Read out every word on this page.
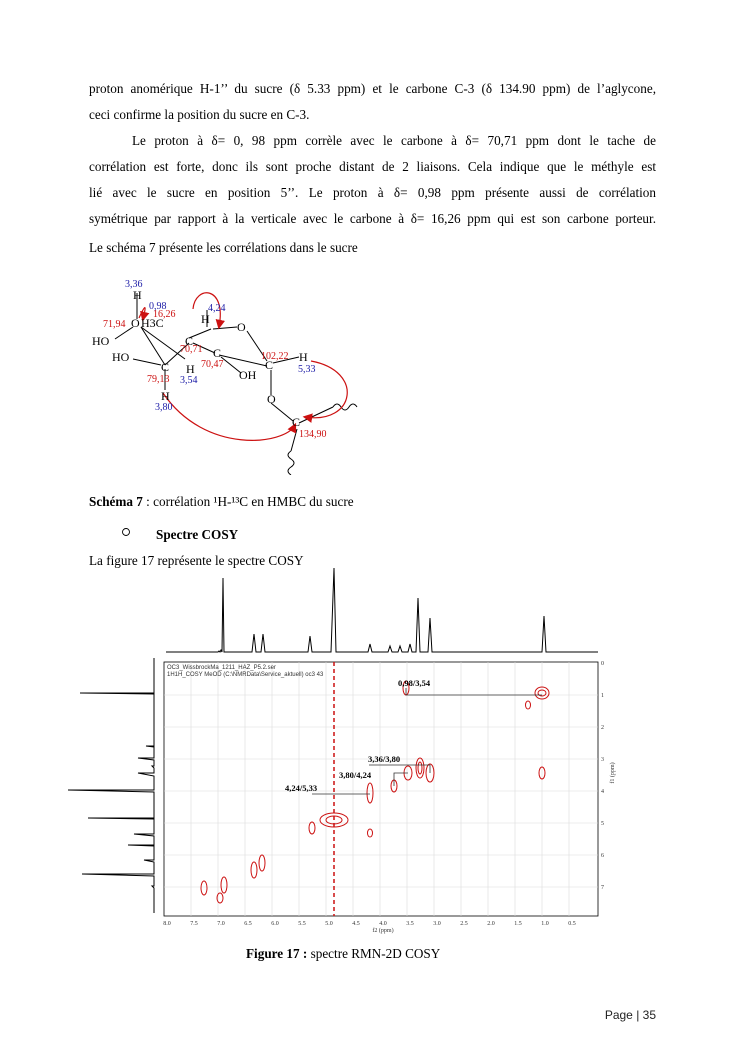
proton anomérique H-1’’ du sucre (δ 5.33 ppm) et le carbone C-3 (δ 134.90 ppm) de l’aglycone,
ceci confirme la position du sucre en C-3.
Le proton à δ= 0, 98 ppm corrèle avec le carbone à δ= 70,71 ppm dont le tache de
corrélation est forte, donc ils sont proche distant de 2 liaisons. Cela indique que le méthyle est
lié avec le sucre en position 5’’. Le proton à δ= 0,98 ppm présente aussi de corrélation
symétrique par rapport à la verticale avec le carbone à δ= 16,26 ppm qui est son carbone porteur.
Le schéma 7 présente les corrélations dans le sucre
H
O H3C
HO
HO
C
H
O
C
C H	OH
C
H
H	O
C
3,36
0,98	4,24
3,54
3,80
5,33
16,26
71,94
70,71
70,47
102,22
79,13
134,90
Schéma 7 : corrélation ¹H-¹³C en HMBC du sucre
Spectre COSY
La figure 17 représente le spectre COSY
OC3_WissbrockMa_1211_HAZ_P5.2.ser
1H1H_COSY MeOD (C:\NMRData\Service_aktuell) oc3 43
0,98/3,54
3,36/3,80
3,80/4,24
4,24/5,33
8.0	7.5	7.0	6.5	6.0	5.5	5.0	4.5	4.0	3.5	3.0	2.5	2.0	1.5	1.0	0.5
f2 (ppm)
0
1
2
3
4
5
6
7
f1 (ppm)
Figure 17 : spectre RMN-2D COSY
Page | 35
